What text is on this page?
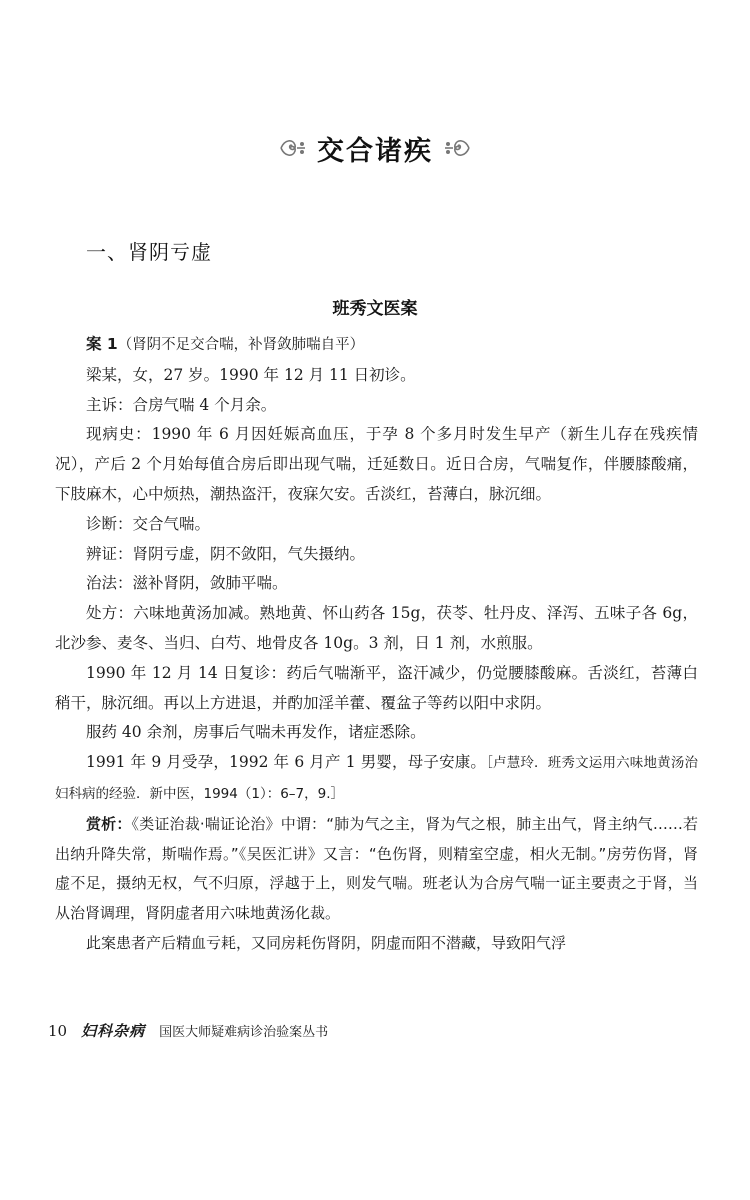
交合诸疾
一、肾阴亏虚
班秀文医案

案 1（肾阴不足交合喘，补肾敛肺喘自平）

梁某，女，27 岁。1990 年 12 月 11 日初诊。

主诉：合房气喘 4 个月余。

现病史：1990 年 6 月因妊娠高血压，于孕 8 个多月时发生早产（新生儿存在残疾情况），产后 2 个月始每值合房后即出现气喘，迁延数日。近日合房，气喘复作，伴腰膝酸痛，下肢麻木，心中烦热，潮热盗汗，夜寐欠安。舌淡红，苔薄白，脉沉细。

诊断：交合气喘。

辨证：肾阴亏虚，阴不敛阳，气失摄纳。

治法：滋补肾阴，敛肺平喘。

处方：六味地黄汤加减。熟地黄、怀山药各 15g，茯苓、牡丹皮、泽泻、五味子各 6g，北沙参、麦冬、当归、白芍、地骨皮各 10g。3 剂，日 1 剂，水煎服。

1990 年 12 月 14 日复诊：药后气喘渐平，盗汗减少，仍觉腰膝酸麻。舌淡红，苔薄白稍干，脉沉细。再以上方进退，并酌加淫羊藿、覆盆子等药以阳中求阴。

服药 40 余剂，房事后气喘未再发作，诸症悉除。

1991 年 9 月受孕，1992 年 6 月产 1 男婴，母子安康。［卢慧玲．班秀文运用六味地黄汤治妇科病的经验．新中医，1994（1）：6–7，9.］

赏析：《类证治裁·喘证论治》中谓：“肺为气之主，肾为气之根，肺主出气，肾主纳气……若出纳升降失常，斯喘作焉。”《吴医汇讲》又言：“色伤肾，则精室空虚，相火无制。”房劳伤肾，肾虚不足，摄纳无权，气不归原，浮越于上，则发气喘。班老认为合房气喘一证主要责之于肾，当从治肾调理，肾阴虚者用六味地黄汤化裁。

此案患者产后精血亏耗，又同房耗伤肾阴，阴虚而阳不潜藏，导致阳气浮

10 妇科杂病 国医大师疑难病诊治验案丛书
